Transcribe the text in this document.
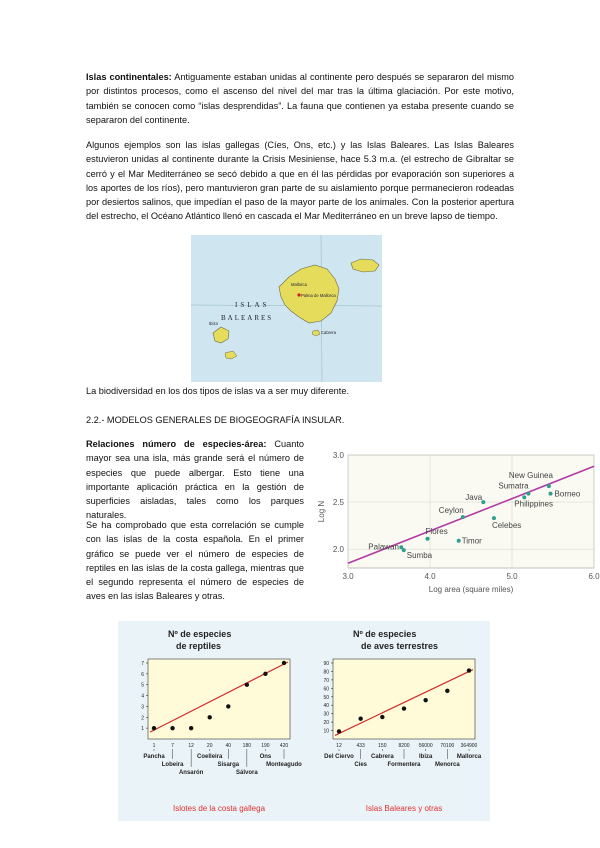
Islas continentales: Antiguamente estaban unidas al continente pero después se separaron del mismo por distintos procesos, como el ascenso del nivel del mar tras la última glaciación. Por este motivo, también se conocen como “islas desprendidas”. La fauna que contienen ya estaba presente cuando se separaron del continente.
Algunos ejemplos son las islas gallegas (Cíes, Ons, etc.) y las Islas Baleares. Las Islas Baleares estuvieron unidas al continente durante la Crisis Mesiniense, hace 5.3 m.a. (el estrecho de Gibraltar se cerró y el Mar Mediterráneo se secó debido a que en él las pérdidas por evaporación son superiores a los aportes de los ríos), pero mantuvieron gran parte de su aislamiento porque permanecieron rodeadas por desiertos salinos, que impedían el paso de la mayor parte de los animales. Con la posterior apertura del estrecho, el Océano Atlántico llenó en cascada el Mar Mediterráneo en un breve lapso de tiempo.
ISLAS
BALEARES
Mallorca
Palma de Mallorca
Cabrera
Ibiza
La biodiversidad en los dos tipos de islas va a ser muy diferente.
2.2.- MODELOS GENERALES DE BIOGEOGRAFÍA INSULAR.
Relaciones número de especies-área: Cuanto mayor sea una isla, más grande será el número de especies que puede albergar. Esto tiene una importante aplicación práctica en la gestión de superficies aisladas, tales como los parques naturales.
Se ha comprobado que esta correlación se cumple con las islas de la costa española. En el primer gráfico se puede ver el número de especies de reptiles en las islas de la costa gallega, mientras que el segundo representa el número de especies de aves en las islas Baleares y otras.
2.0
2.5
3.0
3.0	4.0	5.0	6.0
Log area (square miles)
Log N
Palawan
Sumba
Flores
Timor
Ceylon
Java
Celebes
Sumatra
New Guinea
Borneo
Philippines
Nº de especies
de reptiles
1
2
3
4
5
6
7
1
Pancha
7
Lobeira
12
Ansarón
20
Coelleira
40
Sisarga
180
Sálvora
190
Ons
420
Monteagudo
Islotes de la costa gallega
Nº de especies
de aves terrestres
10
20
30
40
50
60
70
80
90
12
Del Ciervo
433
Cíes
150
Cabrera
8200
Formentera
56000
Ibiza
70100
Menorca
364900
Mallorca
Islas Baleares y otras
